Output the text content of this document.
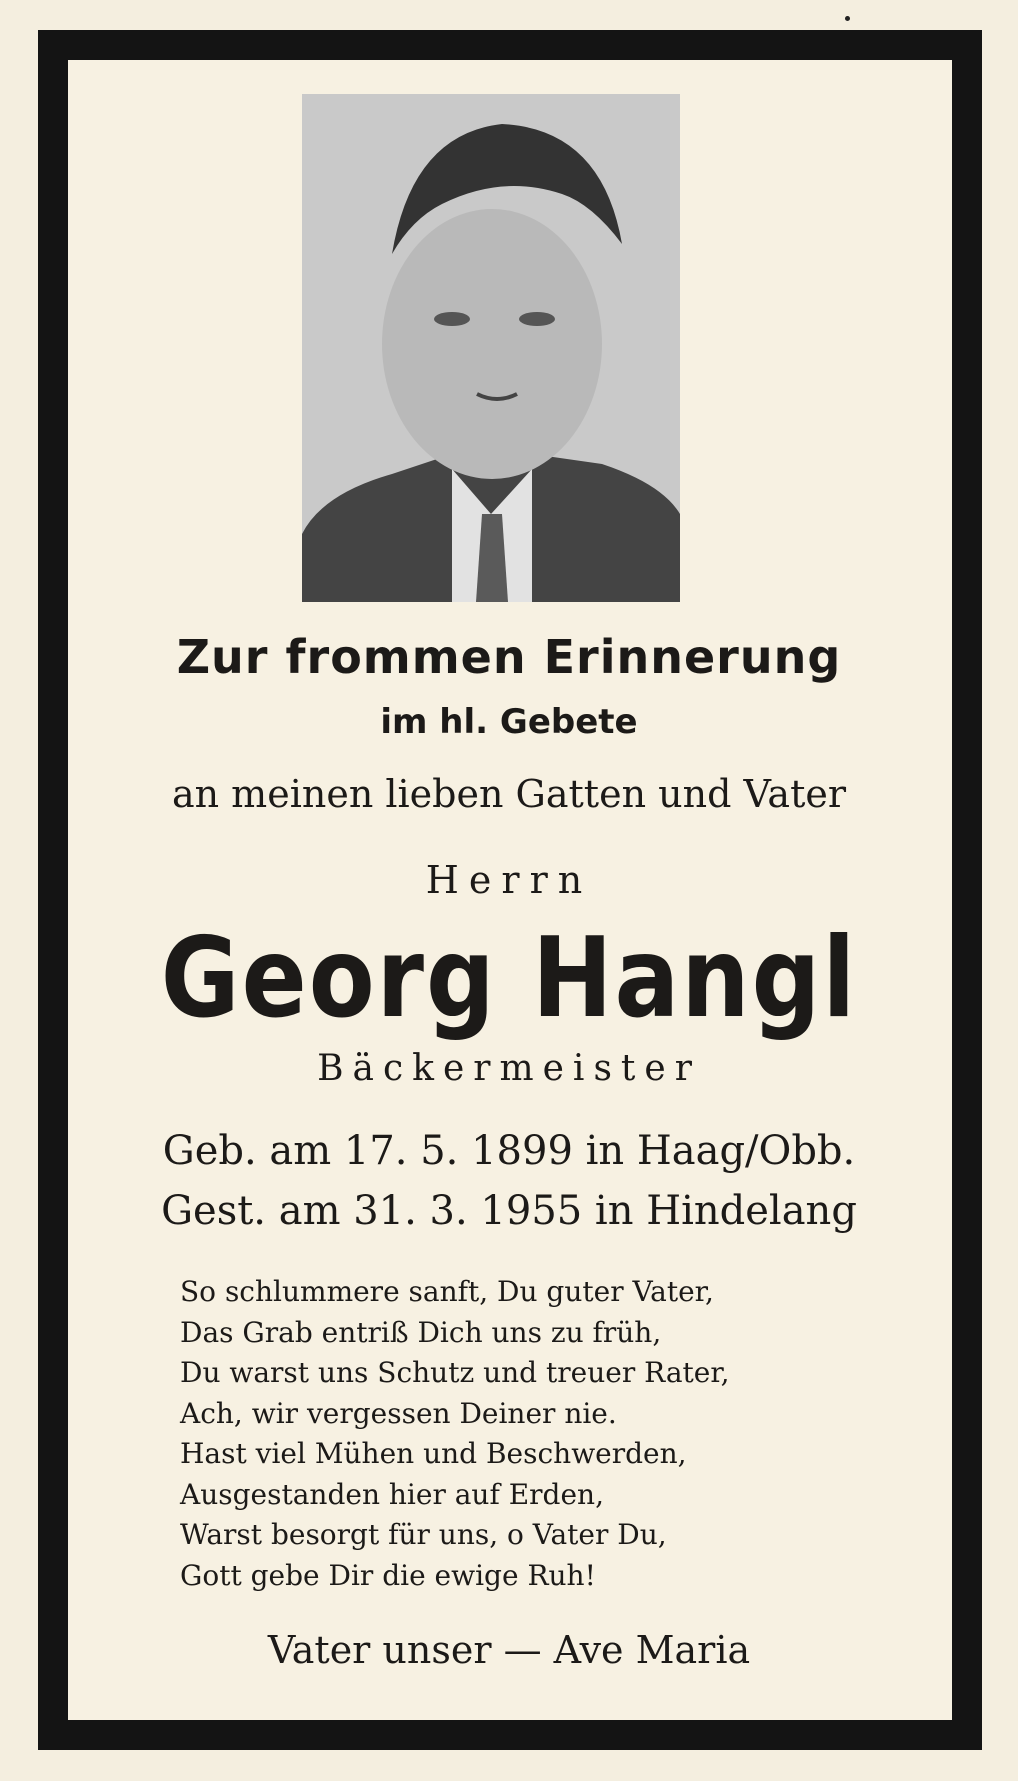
Zur frommen Erinnerung
im hl. Gebete
an meinen lieben Gatten und Vater
Herrn
Georg Hangl
Bäckermeister
Geb. am 17. 5. 1899 in Haag/Obb.
Gest. am 31. 3. 1955 in Hindelang
So schlummere sanft, Du guter Vater,
Das Grab entriß Dich uns zu früh,
Du warst uns Schutz und treuer Rater,
Ach, wir vergessen Deiner nie.
Hast viel Mühen und Beschwerden,
Ausgestanden hier auf Erden,
Warst besorgt für uns, o Vater Du,
Gott gebe Dir die ewige Ruh!
Vater unser — Ave Maria
